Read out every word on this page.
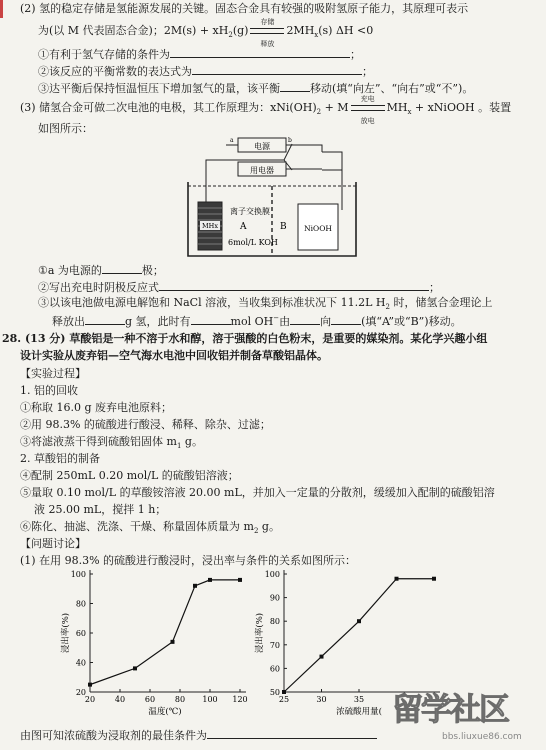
(2) 氢的稳定存储是氢能源发展的关键。固态合金具有较强的吸附氢原子能力，其原理可表示
为(以 M 代表固态合金)；$2M(s) + xH_2(g)$
存储
释放
$2MH_x(s)$ ΔH <0
①有利于氢气存储的条件为	；
②该反应的平衡常数的表达式为	；
③达平衡后保持恒温恒压下增加氢气的量，该平衡	移动(填“向左”、“向右”或“不”)。
(3) 储氢合金可做二次电池的电极，其工作原理为：$xNi(OH)_2 + M$
充电
放电
$MH_x$ + xNiOOH 。装置
如图所示：
MHx	NiOOH
电源
用电器
a	b
离子交换膜
A	B
6mol/L KOH
①a 为电源的	极；
②写出充电时阴极反应式	；
③以该电池做电源电解饱和 NaCl 溶液，当收集到标准状况下 11.2L $H_2$ 时，储氢合金理论上
释放出	g 氢，此时有	mol OH−由	向	(填“A”或“B”)移动。
28. (13 分) 草酸铝是一种不溶于水和醇，溶于强酸的白色粉末，是重要的媒染剂。某化学兴趣小组
设计实验从废弃铝—空气海水电池中回收铝并制备草酸铝晶体。
【实验过程】
1. 铝的回收
①称取 16.0 g 废弃电池原料；
②用 98.3% 的硫酸进行酸浸、稀释、除杂、过滤；
③将滤液蒸干得到硫酸铝固体 $m_1$ g。
2. 草酸铝的制备
④配制 250mL 0.20 mol/L 的硫酸铝溶液；
⑤量取 0.10 mol/L 的草酸铵溶液 20.00 mL，并加入一定量的分散剂，缓缓加入配制的硫酸铝溶
液 25.00 mL，搅拌 1 h；
⑥陈化、抽滤、洗涤、干燥、称量固体质量为 $m_2$ g。
【问题讨论】
(1) 在用 98.3% 的硫酸进行酸浸时，浸出率与条件的关系如图所示：
20 40 60 80 100 120
20
40
60
80
100
温度(℃)
浸出率(%)
25	30	35
50
60
70
80
90
100
浓硫酸用量(
浸出率(%)
由图可知浓硫酸为浸取剂的最佳条件为
留学社区
bbs.liuxue86.com
